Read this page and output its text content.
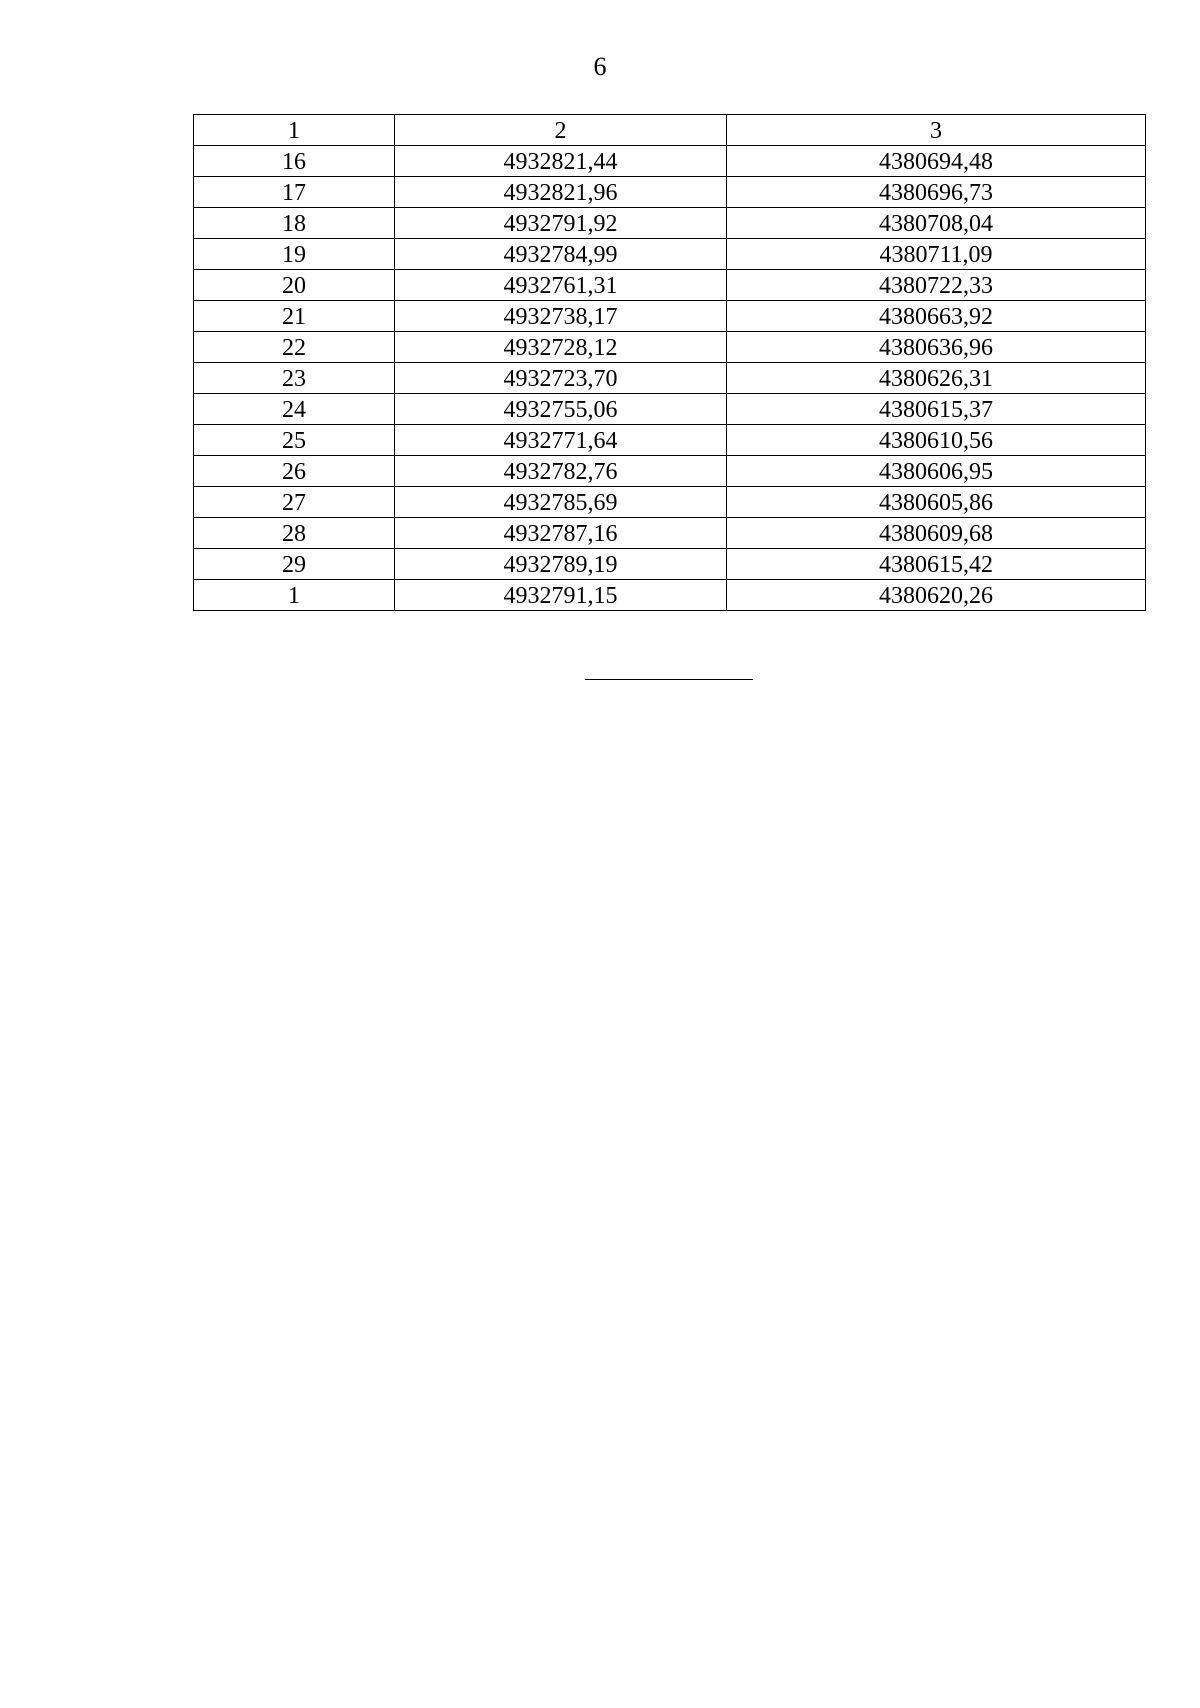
6
1	2	3
16	4932821,44	4380694,48
17	4932821,96	4380696,73
18	4932791,92	4380708,04
19	4932784,99	4380711,09
20	4932761,31	4380722,33
21	4932738,17	4380663,92
22	4932728,12	4380636,96
23	4932723,70	4380626,31
24	4932755,06	4380615,37
25	4932771,64	4380610,56
26	4932782,76	4380606,95
27	4932785,69	4380605,86
28	4932787,16	4380609,68
29	4932789,19	4380615,42
1	4932791,15	4380620,26
